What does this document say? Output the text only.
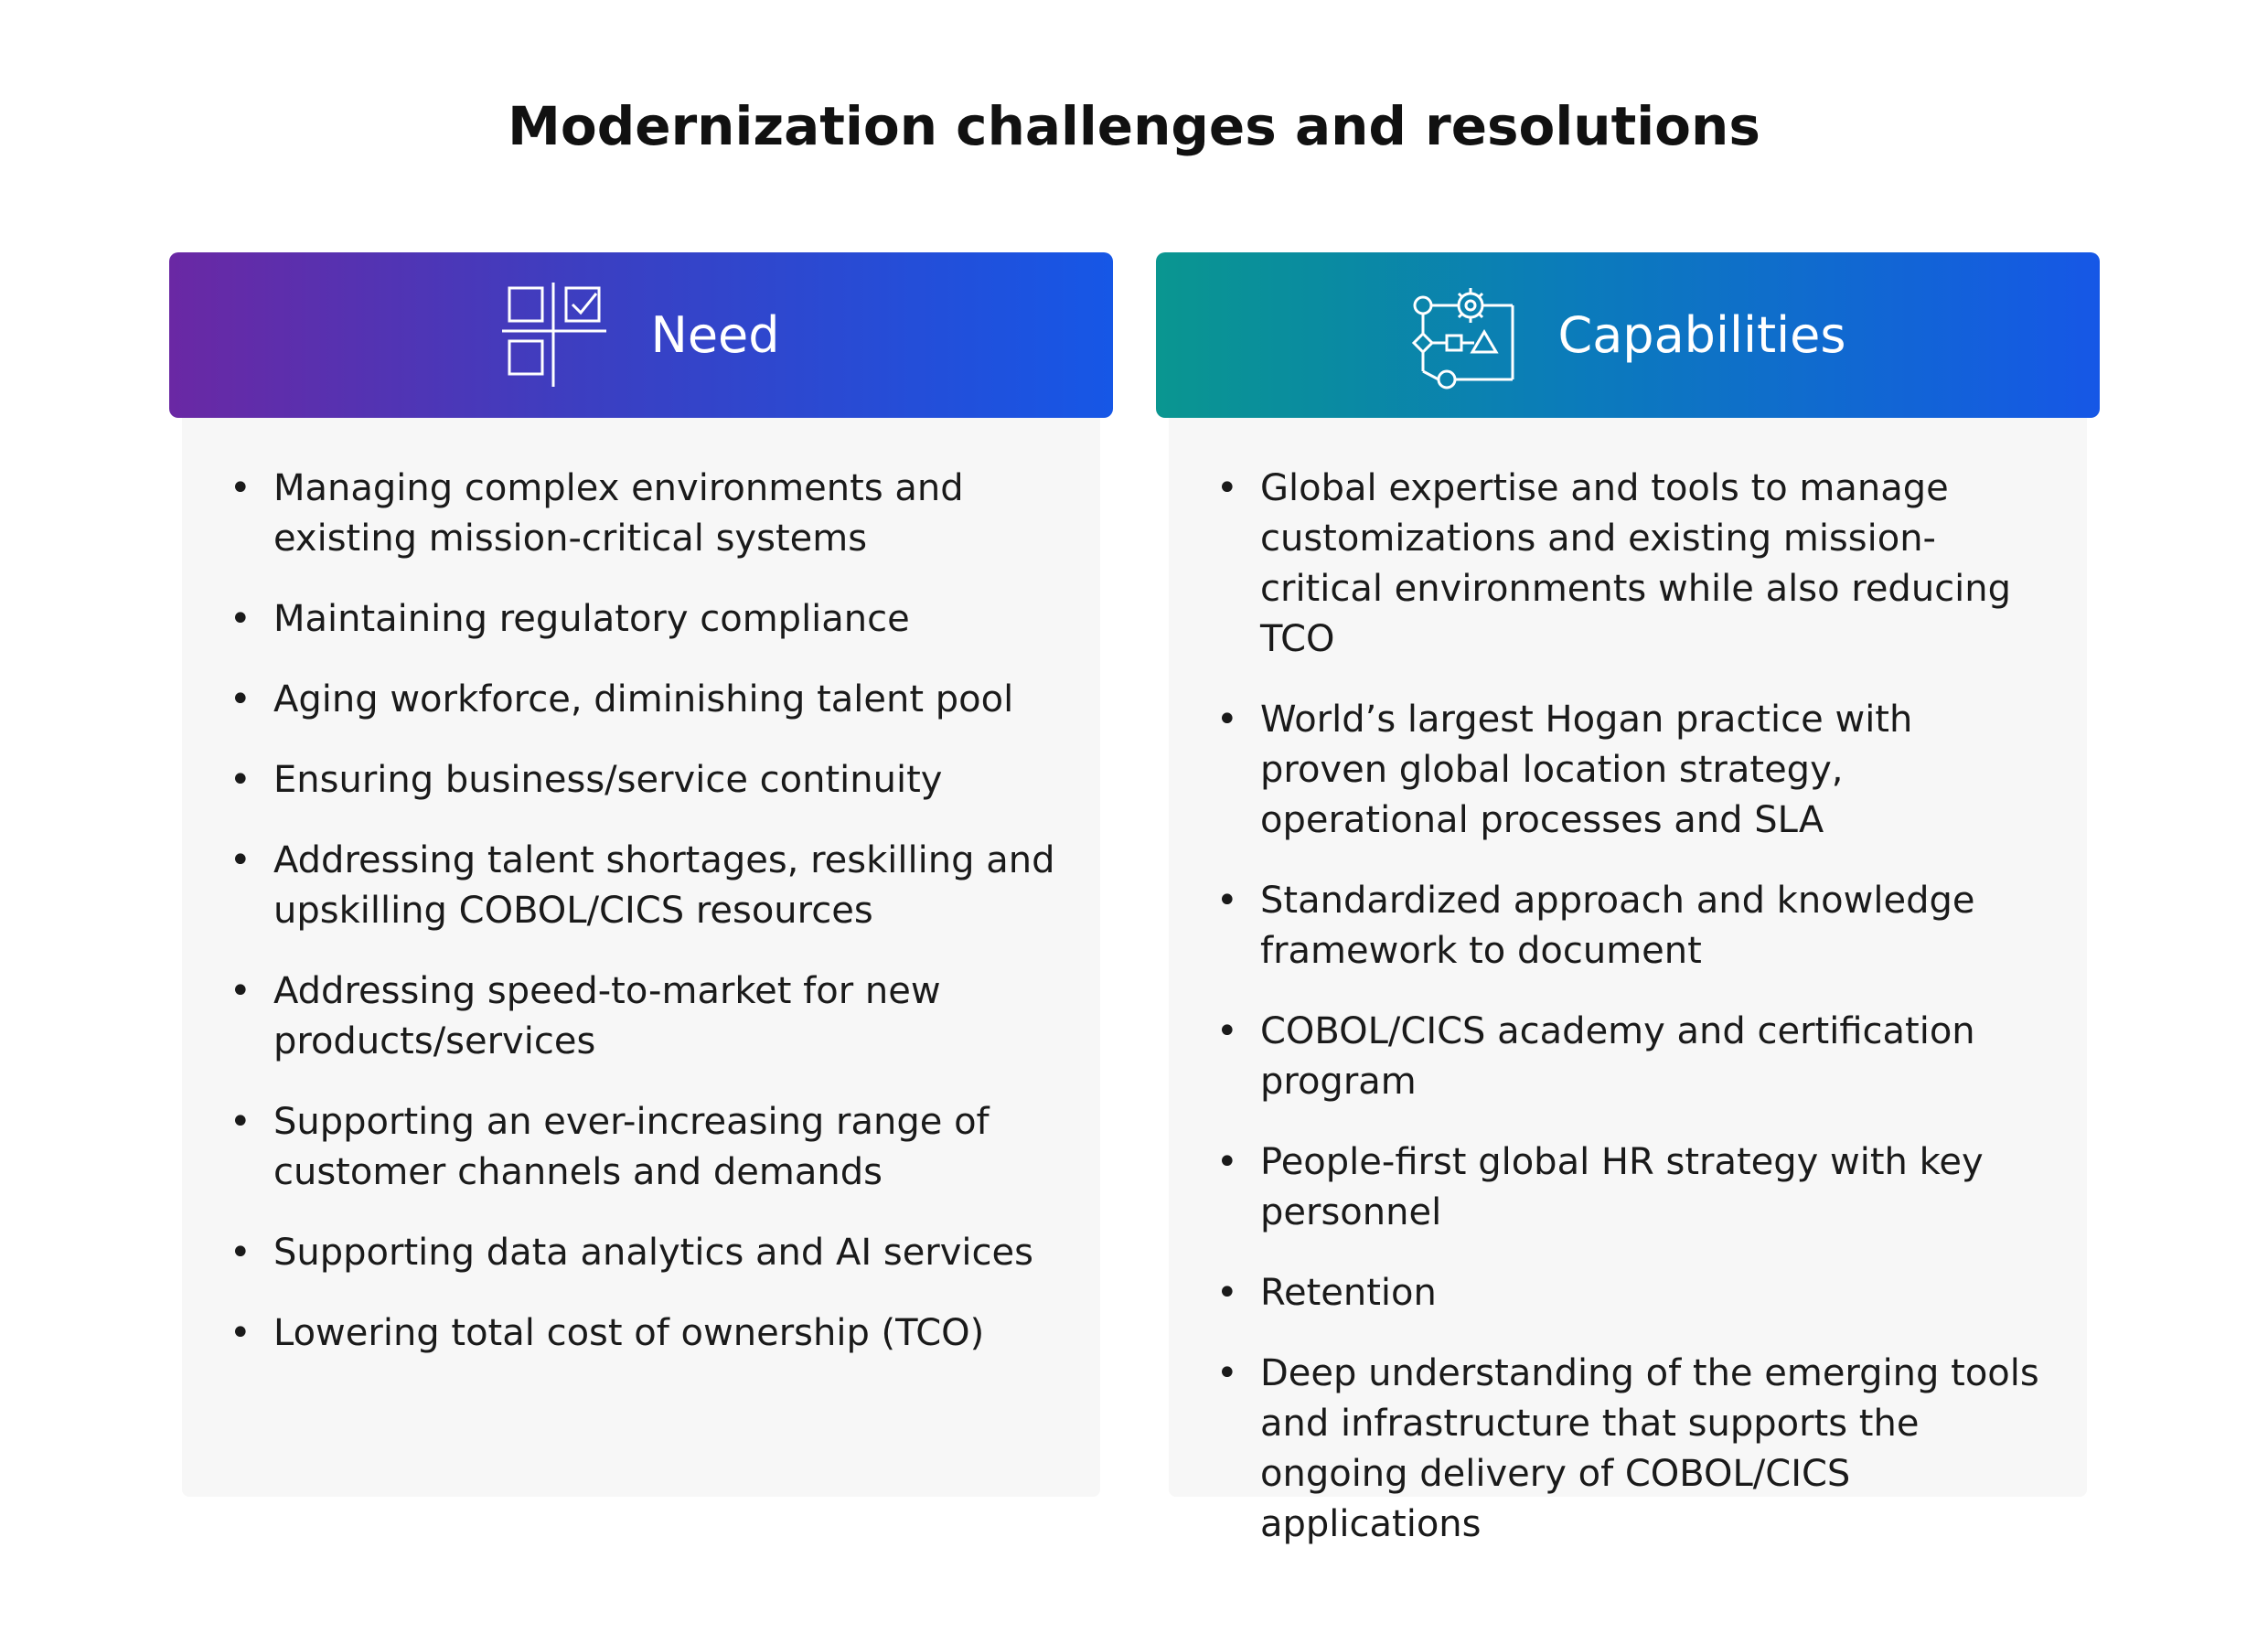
Modernization challenges and resolutions
Need
• Managing complex environments and existing mission-critical systems
• Maintaining regulatory compliance
• Aging workforce, diminishing talent pool
• Ensuring business/service continuity
• Addressing talent shortages, reskilling and upskilling COBOL/CICS resources
• Addressing speed-to-market for new products/services
• Supporting an ever-increasing range of customer channels and demands
• Supporting data analytics and AI services
• Lowering total cost of ownership (TCO)
Capabilities
• Global expertise and tools to manage customizations and existing mission-critical environments while also reducing TCO
• World’s largest Hogan practice with proven global location strategy, operational processes and SLA
• Standardized approach and knowledge framework to document
• COBOL/CICS academy and certification program
• People-first global HR strategy with key personnel
• Retention
• Deep understanding of the emerging tools and infrastructure that supports the ongoing delivery of COBOL/CICS applications
